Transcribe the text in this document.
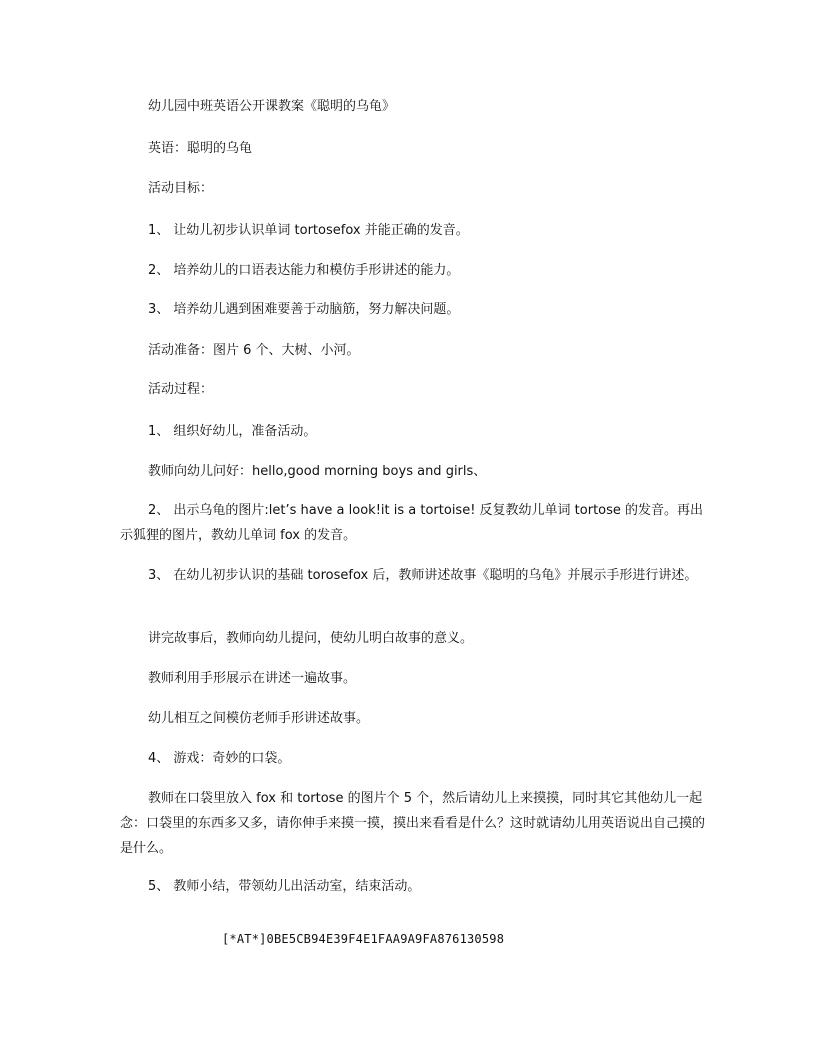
幼儿园中班英语公开课教案《聪明的乌龟》
英语：聪明的乌龟
活动目标：
1、 让幼儿初步认识单词 tortosefox 并能正确的发音。
2、 培养幼儿的口语表达能力和模仿手形讲述的能力。
3、 培养幼儿遇到困难要善于动脑筋，努力解决问题。
活动准备：图片 6 个、大树、小河。
活动过程：
1、 组织好幼儿，准备活动。
教师向幼儿问好：hello,good morning boys and girls、
2、 出示乌龟的图片:let’s have a look!it is a tortoise! 反复教幼儿单词 tortose 的发音。再出示狐狸的图片，教幼儿单词 fox 的发音。
3、 在幼儿初步认识的基础 torosefox 后，教师讲述故事《聪明的乌龟》并展示手形进行讲述。
讲完故事后，教师向幼儿提问，使幼儿明白故事的意义。
教师利用手形展示在讲述一遍故事。
幼儿相互之间模仿老师手形讲述故事。
4、 游戏：奇妙的口袋。
教师在口袋里放入 fox 和 tortose 的图片个 5 个，然后请幼儿上来摸摸，同时其它其他幼儿一起念：口袋里的东西多又多，请你伸手来摸一摸，摸出来看看是什么？这时就请幼儿用英语说出自己摸的是什么。
5、 教师小结，带领幼儿出活动室，结束活动。
[*AT*]0BE5CB94E39F4E1FAA9A9FA876130598
